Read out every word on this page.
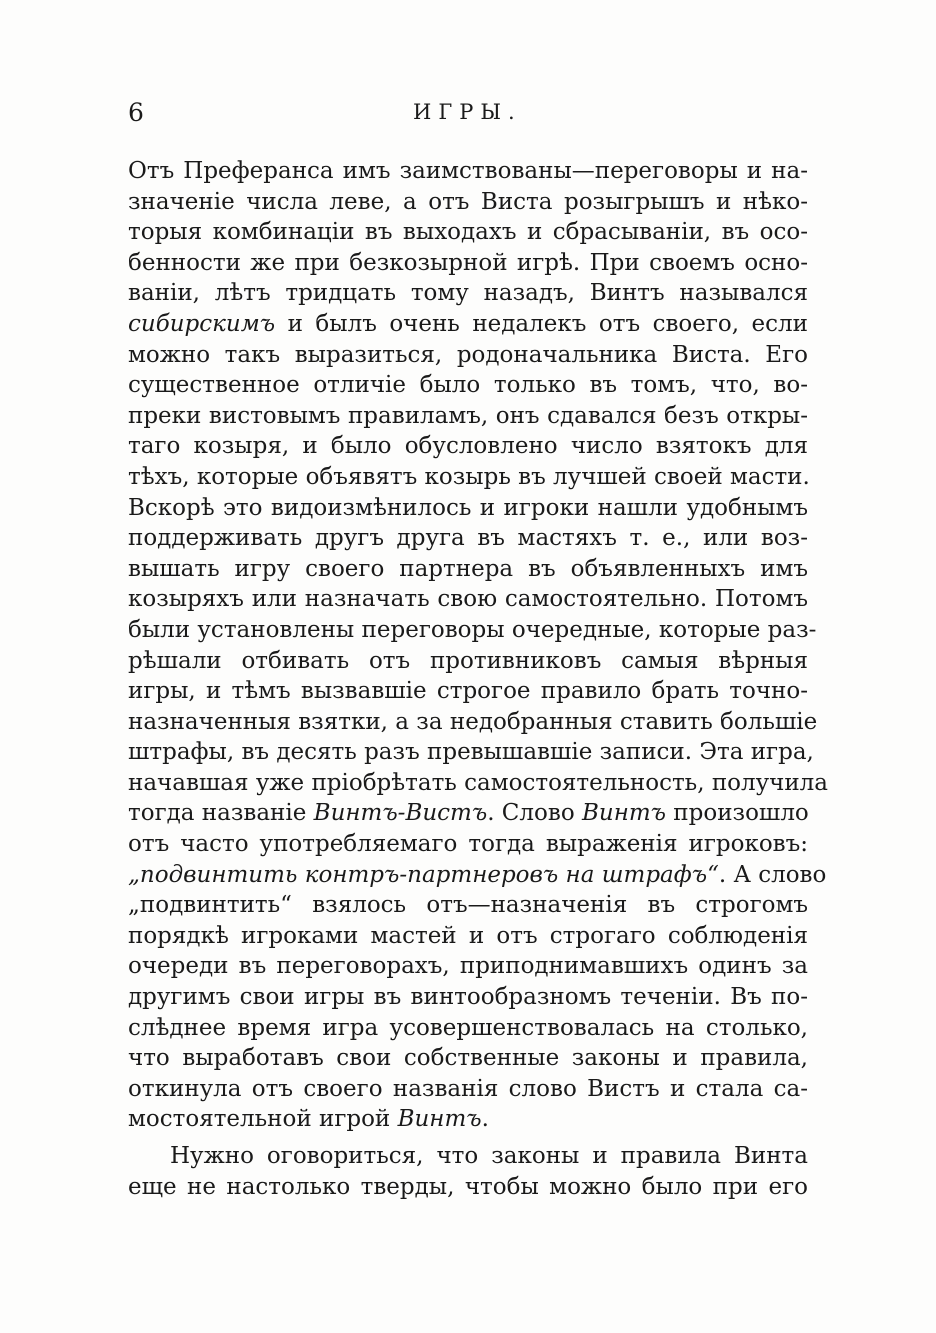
6	ИГРЫ.
Отъ Преферанса имъ заимствованы—переговоры и на-
значеніе числа леве, а отъ Виста розыгрышъ и нѣко-
торыя комбинаціи въ выходахъ и сбрасываніи, въ осо-
бенности же при безкозырной игрѣ. При своемъ осно-
ваніи, лѣтъ тридцать тому назадъ, Винтъ назывался
сибирскимъ и былъ очень недалекъ отъ своего, если
можно такъ выразиться, родоначальника Виста. Его
существенное отличіе было только въ томъ, что, во-
преки вистовымъ правиламъ, онъ сдавался безъ откры-
таго козыря, и было обусловлено число взятокъ для
тѣхъ, которые объявятъ козырь въ лучшей своей масти.
Вскорѣ это видоизмѣнилось и игроки нашли удобнымъ
поддерживать другъ друга въ мастяхъ т. е., или воз-
вышать игру своего партнера въ объявленныхъ имъ
козыряхъ или назначать свою самостоятельно. Потомъ
были установлены переговоры очередные, которые раз-
рѣшали отбивать отъ противниковъ самыя вѣрныя
игры, и тѣмъ вызвавшіе строгое правило брать точно-
назначенныя взятки, а за недобранныя ставить большіе
штрафы, въ десять разъ превышавшіе записи. Эта игра,
начавшая уже пріобрѣтать самостоятельность, получила
тогда названіе Винтъ-Вистъ. Слово Винтъ произошло
отъ часто употребляемаго тогда выраженія игроковъ:
„подвинтить контръ-партнеровъ на штрафъ“. А слово
„подвинтить“ взялось отъ—назначенія въ строгомъ
порядкѣ игроками мастей и отъ строгаго соблюденія
очереди въ переговорахъ, приподнимавшихъ одинъ за
другимъ свои игры въ винтообразномъ теченіи. Въ по-
слѣднее время игра усовершенствовалась на столько,
что выработавъ свои собственные законы и правила,
откинула отъ своего названія слово Вистъ и стала са-
мостоятельной игрой Винтъ.
Нужно оговориться, что законы и правила Винта
еще не настолько тверды, чтобы можно было при его
